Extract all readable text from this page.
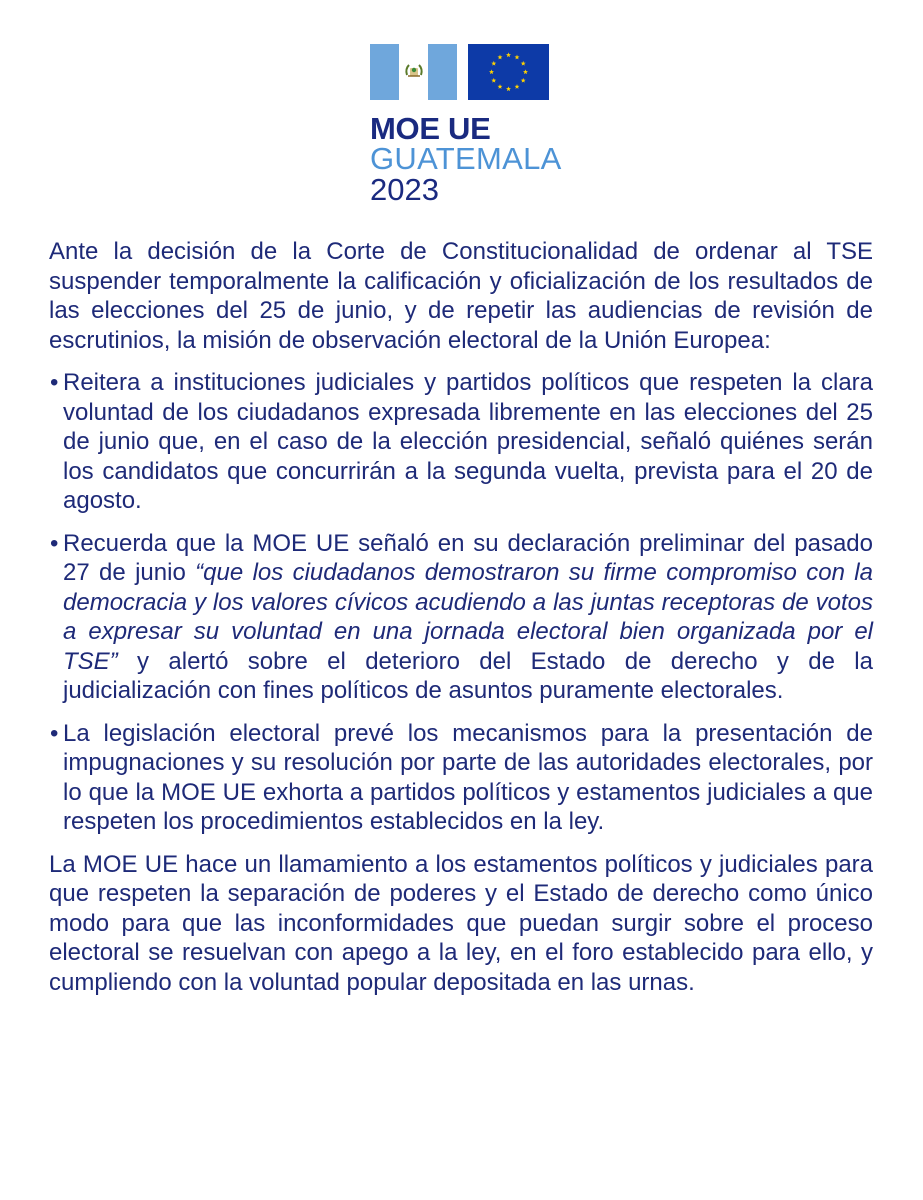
MOE UE
GUATEMALA
2023

Ante la decisión de la Corte de Constitucionalidad de ordenar al TSE suspender temporalmente la calificación y oficialización de los resultados de las elecciones del 25 de junio, y de repetir las audiencias de revisión de escrutinios, la misión de observación electoral de la Unión Europea:

• Reitera a instituciones judiciales y partidos políticos que respeten la clara voluntad de los ciudadanos expresada libremente en las elecciones del 25 de junio que, en el caso de la elección presidencial, señaló quiénes serán los candidatos que concurrirán a la segunda vuelta, prevista para el 20 de agosto.
• Recuerda que la MOE UE señaló en su declaración preliminar del pasado 27 de junio “que los ciudadanos demostraron su firme compromiso con la democracia y los valores cívicos acudiendo a las juntas receptoras de votos a expresar su voluntad en una jornada electoral bien organizada por el TSE” y alertó sobre el deterioro del Estado de derecho y de la judicialización con fines políticos de asuntos puramente electorales.
• La legislación electoral prevé los mecanismos para la presentación de impugnaciones y su resolución por parte de las autoridades electorales, por lo que la MOE UE exhorta a partidos políticos y estamentos judiciales a que respeten los procedimientos establecidos en la ley.

La MOE UE hace un llamamiento a los estamentos políticos y judiciales para que respeten la separación de poderes y el Estado de derecho como único modo para que las inconformidades que puedan surgir sobre el proceso electoral se resuelvan con apego a la ley, en el foro establecido para ello, y cumpliendo con la voluntad popular depositada en las urnas.
